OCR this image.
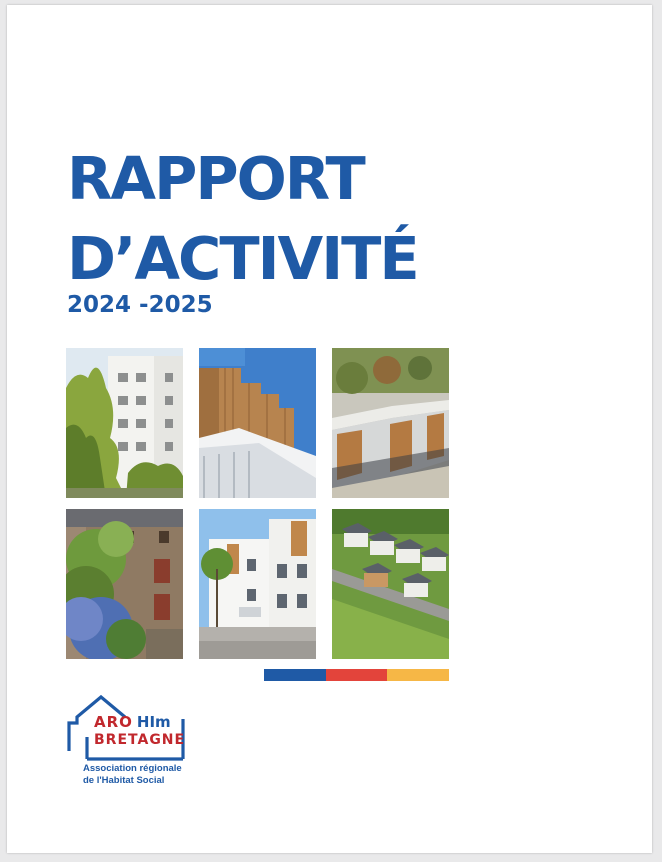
RAPPORT
D’ACTIVITÉ
2024 -2025
ARO HIm
BRETAGNE
Association régionale
de l'Habitat Social
